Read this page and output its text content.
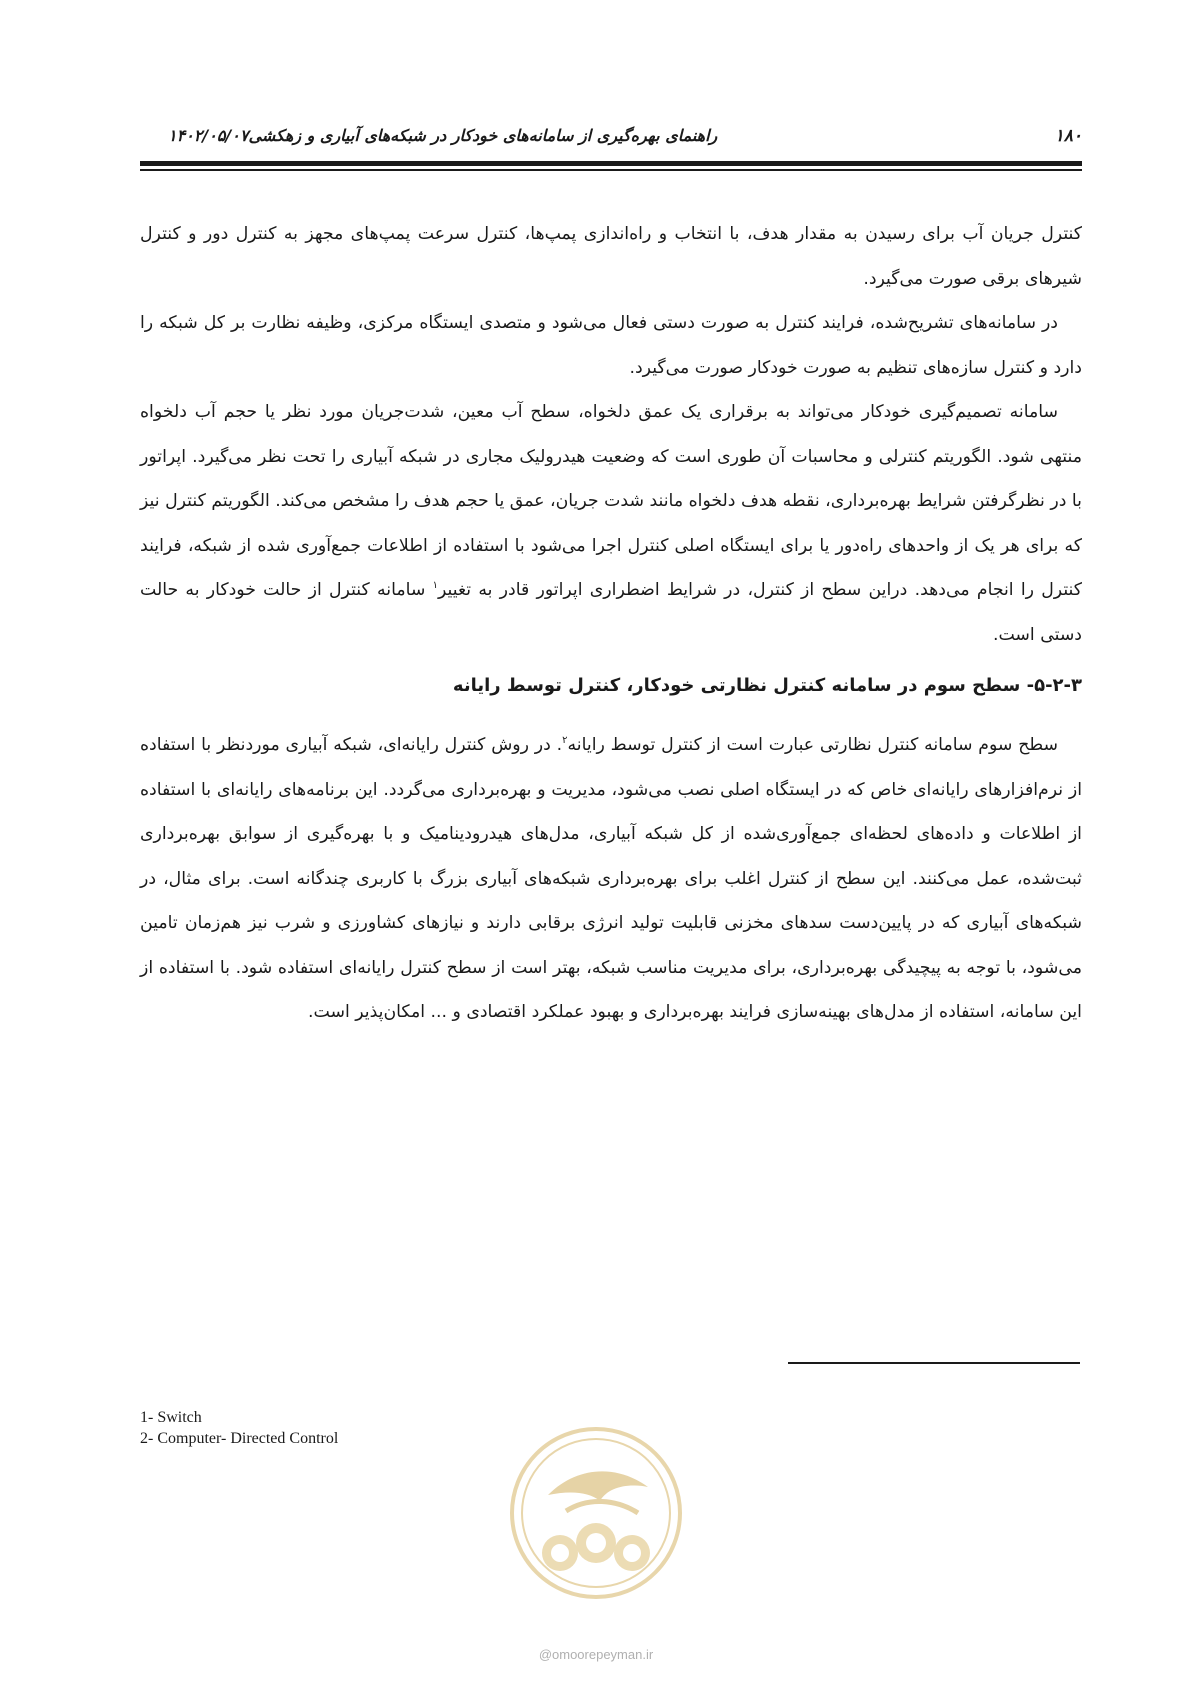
۱۸۰
راهنمای بهره‌گیری از سامانه‌های خودکار در شبکه‌های آبیاری و زهکشی۱۴۰۲/۰۵/۰۷

کنترل جریان آب برای رسیدن به مقدار هدف، با انتخاب و راه‌اندازی پمپ‌ها، کنترل سرعت پمپ‌های مجهز به کنترل دور و کنترل شیرهای برقی صورت می‌گیرد.

در سامانه‌های تشریح‌شده، فرایند کنترل به صورت دستی فعال می‌شود و متصدی ایستگاه مرکزی، وظیفه نظارت بر کل شبکه را دارد و کنترل سازه‌های تنظیم به صورت خودکار صورت می‌گیرد.

سامانه تصمیم‌گیری خودکار می‌تواند به برقراری یک عمق دلخواه، سطح آب معین، شدت‌جریان مورد نظر یا حجم آب دلخواه منتهی شود. الگوریتم کنترلی و محاسبات آن طوری است که وضعیت هیدرولیک مجاری در شبکه آبیاری را تحت نظر می‌گیرد. اپراتور با در نظرگرفتن شرایط بهره‌برداری، نقطه هدف دلخواه مانند شدت جریان، عمق یا حجم هدف را مشخص می‌کند. الگوریتم کنترل نیز که برای هر یک از واحدهای راه‌دور یا برای ایستگاه اصلی کنترل اجرا می‌شود با استفاده از اطلاعات جمع‌آوری شده از شبکه، فرایند کنترل را انجام می‌دهد. دراین سطح از کنترل، در شرایط اضطراری اپراتور قادر به تغییر$^۱$ سامانه کنترل از حالت خودکار به حالت دستی است.

۵-۲-۳- سطح سوم در سامانه کنترل نظارتی خودکار، کنترل توسط رایانه

سطح سوم سامانه کنترل نظارتی عبارت است از کنترل توسط رایانه$^۲$. در روش کنترل رایانه‌ای، شبکه آبیاری موردنظر با استفاده از نرم‌افزارهای رایانه‌ای خاص که در ایستگاه اصلی نصب می‌شود، مدیریت و بهره‌برداری می‌گردد. این برنامه‌های رایانه‌ای با استفاده از اطلاعات و داده‌های لحظه‌ای جمع‌آوری‌شده از کل شبکه آبیاری، مدل‌های هیدرودینامیک و با بهره‌گیری از سوابق بهره‌برداری ثبت‌شده، عمل می‌کنند. این سطح از کنترل اغلب برای بهره‌برداری شبکه‌های آبیاری بزرگ با کاربری چندگانه است. برای مثال، در شبکه‌های آبیاری که در پایین‌دست سدهای مخزنی قابلیت تولید انرژی برقابی دارند و نیازهای کشاورزی و شرب نیز هم‌زمان تامین می‌شود، با توجه به پیچیدگی بهره‌برداری، برای مدیریت مناسب شبکه، بهتر است از سطح کنترل رایانه‌ای استفاده شود. با استفاده از این سامانه، استفاده از مدل‌های بهینه‌سازی فرایند بهره‌برداری و بهبود عملکرد اقتصادی و ... امکان‌پذیر است.

1- Switch
2- Computer- Directed Control
@omoorepeyman.ir
